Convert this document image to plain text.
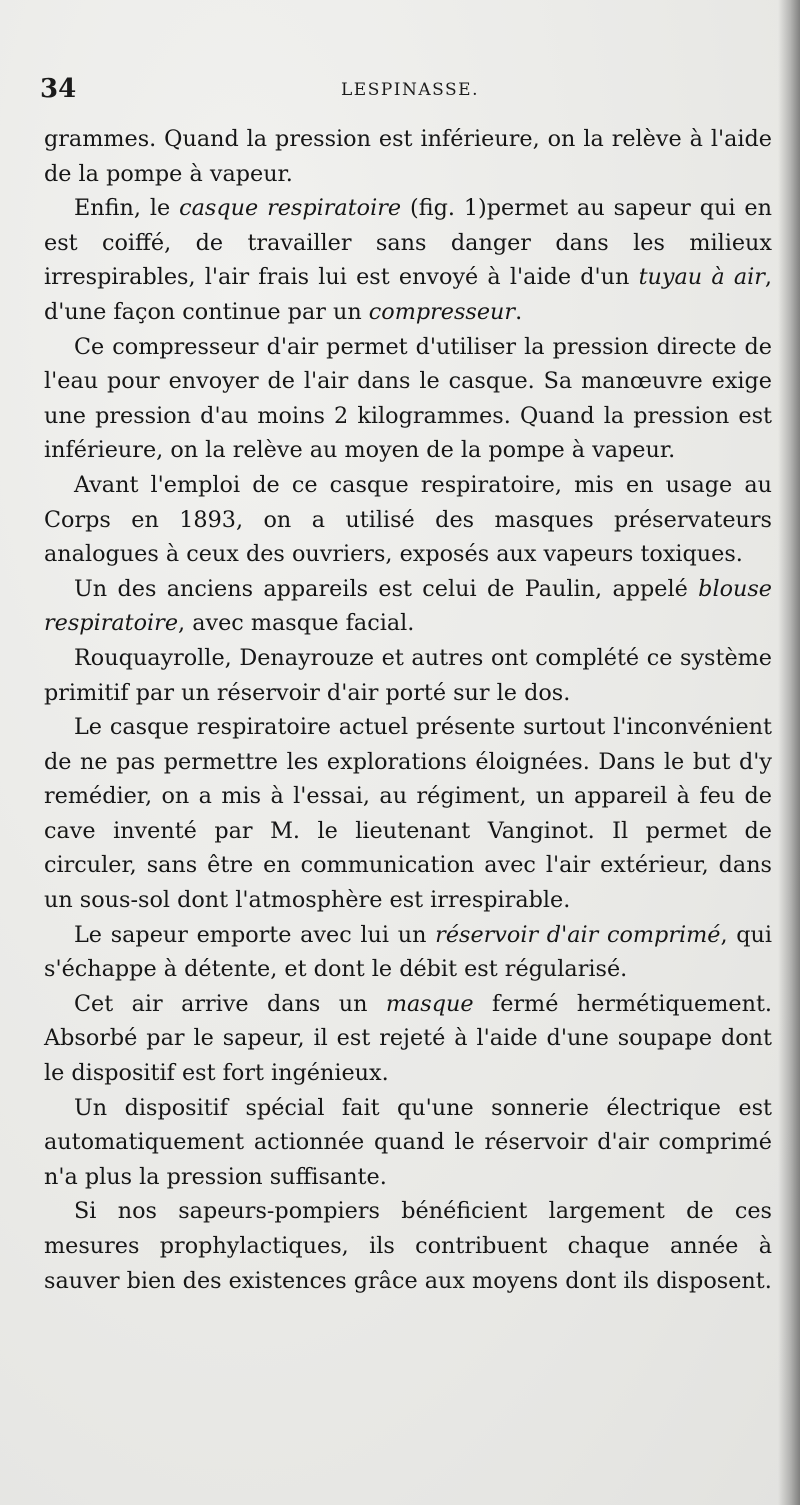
34	LESPINASSE.

grammes. Quand la pression est inférieure, on la relève à l'aide de la pompe à vapeur.

Enfin, le casque respiratoire (fig. 1)permet au sapeur qui en est coiffé, de travailler sans danger dans les milieux irrespirables, l'air frais lui est envoyé à l'aide d'un tuyau à air, d'une façon continue par un compresseur.

Ce compresseur d'air permet d'utiliser la pression directe de l'eau pour envoyer de l'air dans le casque. Sa manœuvre exige une pression d'au moins 2 kilogrammes. Quand la pression est inférieure, on la relève au moyen de la pompe à vapeur.

Avant l'emploi de ce casque respiratoire, mis en usage au Corps en 1893, on a utilisé des masques préservateurs analogues à ceux des ouvriers, exposés aux vapeurs toxiques.

Un des anciens appareils est celui de Paulin, appelé blouse respiratoire, avec masque facial.

Rouquayrolle, Denayrouze et autres ont complété ce système primitif par un réservoir d'air porté sur le dos.

Le casque respiratoire actuel présente surtout l'inconvénient de ne pas permettre les explorations éloignées. Dans le but d'y remédier, on a mis à l'essai, au régiment, un appareil à feu de cave inventé par M. le lieutenant Vanginot. Il permet de circuler, sans être en communication avec l'air extérieur, dans un sous-sol dont l'atmosphère est irrespirable.

Le sapeur emporte avec lui un réservoir d'air comprimé, qui s'échappe à détente, et dont le débit est régularisé.

Cet air arrive dans un masque fermé hermétiquement. Absorbé par le sapeur, il est rejeté à l'aide d'une soupape dont le dispositif est fort ingénieux.

Un dispositif spécial fait qu'une sonnerie électrique est automatiquement actionnée quand le réservoir d'air comprimé n'a plus la pression suffisante.

Si nos sapeurs-pompiers bénéficient largement de ces mesures prophylactiques, ils contribuent chaque année à sauver bien des existences grâce aux moyens dont ils disposent.
